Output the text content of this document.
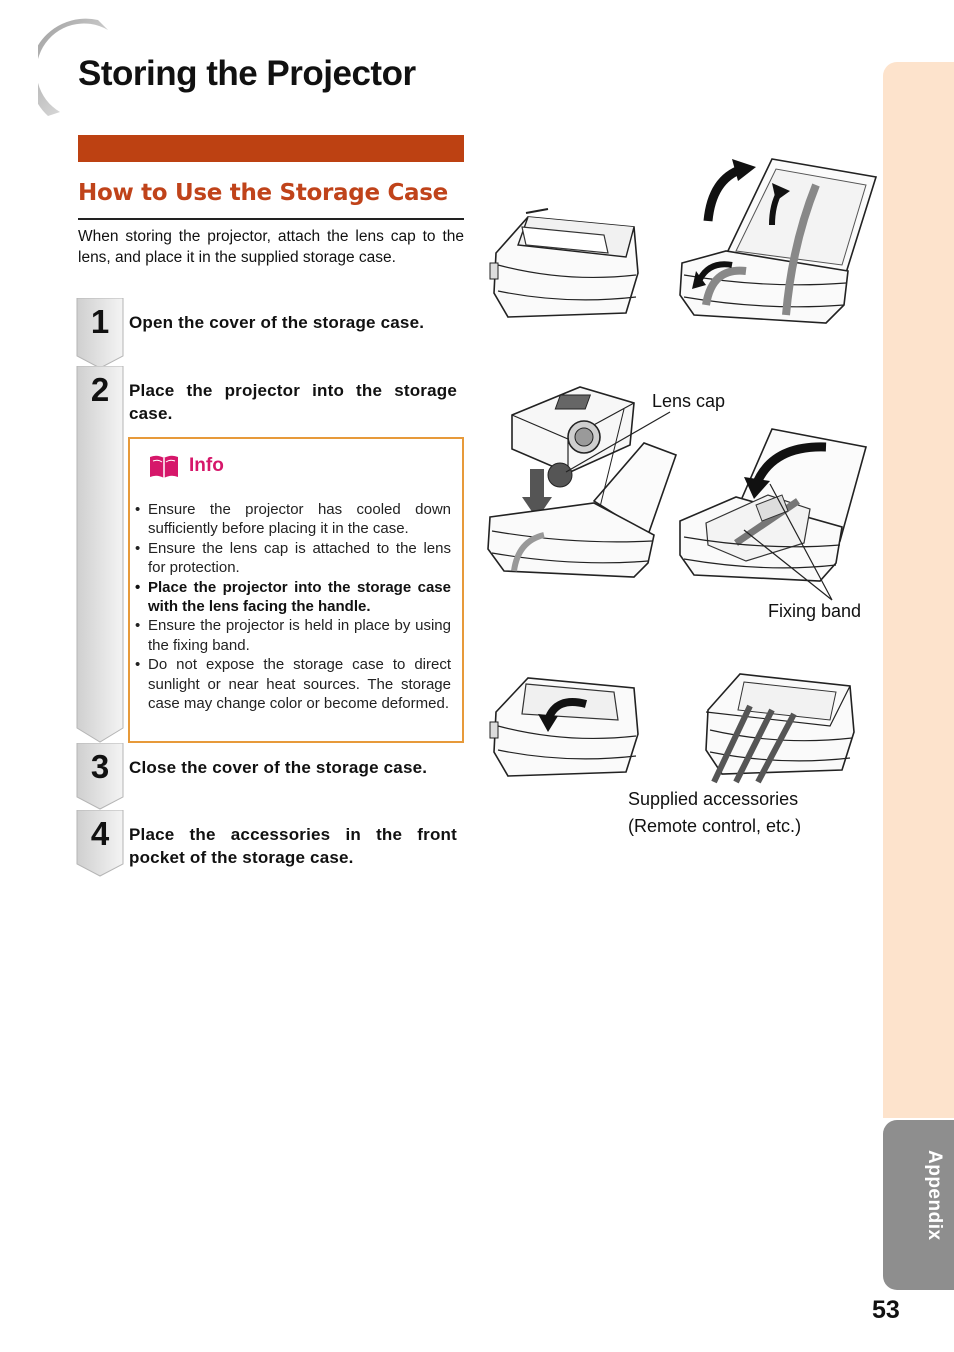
Storing the Projector
How to Use the Storage Case

When storing the projector, attach the lens cap to the lens, and place it in the supplied storage case.

1	Open the cover of the storage case.

2	Place the projector into the storage case.

3	Close the cover of the storage case.

4	Place the accessories in the front pocket of the storage case.

Info

• Ensure the projector has cooled down sufficiently before placing it in the case.
• Ensure the lens cap is attached to the lens for protection.
• Place the projector into the storage case with the lens facing the handle.
• Ensure the projector is held in place by using the fixing band.
• Do not expose the storage case to direct sunlight or near heat sources. The storage case may change color or become deformed.

Lens cap

Fixing band

Supplied accessories

(Remote control, etc.)

Appendix

53
